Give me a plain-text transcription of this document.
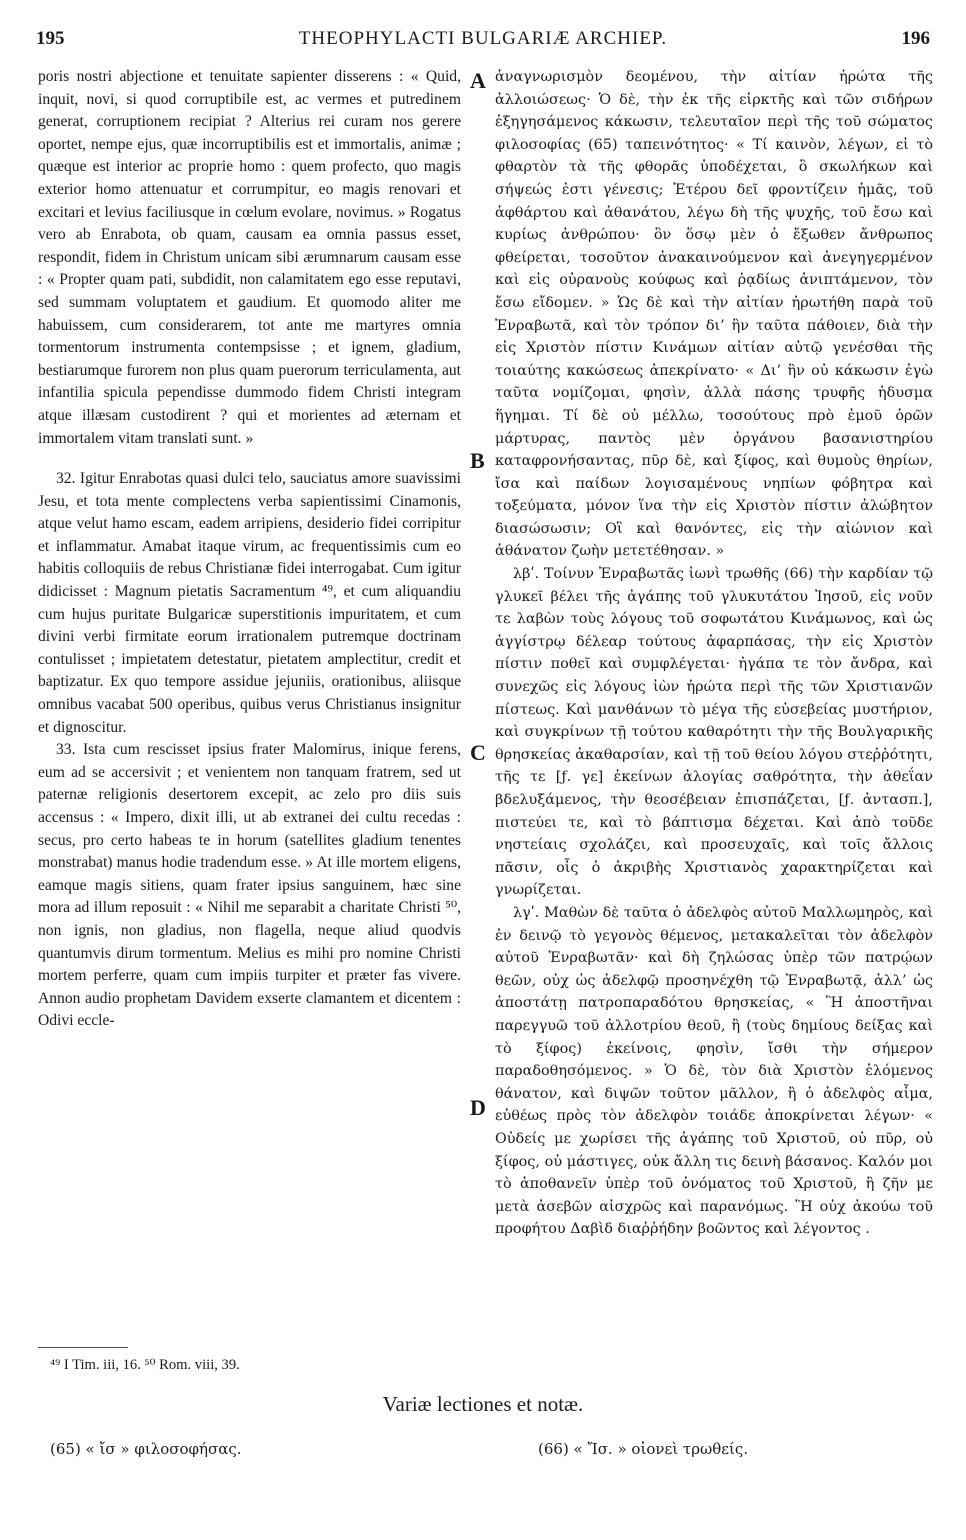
195	THEOPHYLACTI BULGARIÆ ARCHIEP.	196

poris nostri abjectione et tenuitate sapienter disserens : « Quid, inquit, novi, si quod corruptibile est, ac vermes et putredinem generat, corruptionem recipiat ? Alterius rei curam nos gerere oportet, nempe ejus, quæ incorruptibilis est et immortalis, animæ ; quæque est interior ac proprie homo : quem profecto, quo magis exterior homo attenuatur et corrumpitur, eo magis renovari et excitari et levius faciliusque in cœlum evolare, novimus. » Rogatus vero ab Enrabota, ob quam, causam ea omnia passus esset, respondit, fidem in Christum unicam sibi ærumnarum causam esse : « Propter quam pati, subdidit, non calamitatem ego esse reputavi, sed summam voluptatem et gaudium. Et quomodo aliter me habuissem, cum considerarem, tot ante me martyres omnia tormentorum instrumenta contempsisse ; et ignem, gladium, bestiarumque furorem non plus quam puerorum terriculamenta, aut infantilia spicula pependisse dummodo fidem Christi integram atque illæsam custodirent ? qui et morientes ad æternam et immortalem vitam translati sunt. »

32. Igitur Enrabotas quasi dulci telo, sauciatus amore suavissimi Jesu, et tota mente complectens verba sapientissimi Cinamonis, atque velut hamo escam, eadem arripiens, desiderio fidei corripitur et inflammatur. Amabat itaque virum, ac frequentissimis cum eo habitis colloquiis de rebus Christianæ fidei interrogabat. Cum igitur didicisset : Magnum pietatis Sacramentum ⁴⁹, et cum aliquandiu cum hujus puritate Bulgaricæ superstitionis impuritatem, et cum divini verbi firmitate eorum irrationalem putremque doctrinam contulisset ; impietatem detestatur, pietatem amplectitur, credit et baptizatur. Ex quo tempore assidue jejuniis, orationibus, aliisque omnibus vacabat 500 operibus, quibus verus Christianus insignitur et dignoscitur.

33. Ista cum rescisset ipsius frater Malomirus, inique ferens, eum ad se accersivit ; et venientem non tanquam fratrem, sed ut paternæ religionis desertorem excepit, ac zelo pro diis suis accensus : « Impero, dixit illi, ut ab extranei dei cultu recedas : secus, pro certo habeas te in horum (satellites gladium tenentes monstrabat) manus hodie tradendum esse. » At ille mortem eligens, eamque magis sitiens, quam frater ipsius sanguinem, hæc sine mora ad illum reposuit : « Nihil me separabit a charitate Christi ⁵⁰, non ignis, non gladius, non flagella, neque aliud quodvis quantumvis dirum tormentum. Melius es mihi pro nomine Christi mortem perferre, quam cum impiis turpiter et præter fas vivere. Annon audio prophetam Davidem exserte clamantem et dicentem : Odivi eccle-

A
B
C
D

ἀναγνωρισμὸν δεομένου, τὴν αἰτίαν ἠρώτα τῆς ἀλλοιώσεως· Ὁ δὲ, τὴν ἐκ τῆς εἱρκτῆς καὶ τῶν σιδήρων ἐξηγησάμενος κάκωσιν, τελευταῖον περὶ τῆς τοῦ σώματος φιλοσοφίας (65) ταπεινότητος· « Τί καινὸν, λέγων, εἰ τὸ φθαρτὸν τὰ τῆς φθορᾶς ὑποδέχεται, ὃ σκωλήκων καὶ σήψεώς ἐστι γένεσις; Ἑτέρου δεῖ φροντίζειν ἡμᾶς, τοῦ ἀφθάρτου καὶ ἀθανάτου, λέγω δὴ τῆς ψυχῆς, τοῦ ἔσω καὶ κυρίως ἀνθρώπου· ὃν ὅσῳ μὲν ὁ ἔξωθεν ἄνθρωπος φθείρεται, τοσοῦτον ἀνακαινούμενον καὶ ἀνεγηγερμένον καὶ εἰς οὐρανοὺς κούφως καὶ ῥᾳδίως ἀνιπτάμενον, τὸν ἔσω εἴδομεν. » Ὡς δὲ καὶ τὴν αἰτίαν ἠρωτήθη παρὰ τοῦ Ἐνραβωτᾶ, καὶ τὸν τρόπον δι’ ἣν ταῦτα πάθοιεν, διὰ τὴν εἰς Χριστὸν πίστιν Κινάμων αἰτίαν αὐτῷ γενέσθαι τῆς τοιαύτης κακώσεως ἀπεκρίνατο· « Δι’ ἣν οὐ κάκωσιν ἐγὼ ταῦτα νομίζομαι, φησὶν, ἀλλὰ πάσης τρυφῆς ἡδυσμα ἥγημαι. Τί δὲ οὐ μέλλω, τοσούτους πρὸ ἐμοῦ ὁρῶν μάρτυρας, παντὸς μὲν ὀργάνου βασανιστηρίου καταφρονήσαντας, πῦρ δὲ, καὶ ξίφος, καὶ θυμοὺς θηρίων, ἴσα καὶ παίδων λογισαμένους νηπίων φόβητρα καὶ τοξεύματα, μόνον ἵνα τὴν εἰς Χριστὸν πίστιν ἀλώβητον διασώσωσιν; Οἳ καὶ θανόντες, εἰς τὴν αἰώνιον καὶ ἀθάνατον ζωὴν μετετέθησαν. »

λβʹ. Τοίνυν Ἐνραβωτᾶς ἰωνὶ τρωθῆς (66) τὴν καρδίαν τῷ γλυκεῖ βέλει τῆς ἀγάπης τοῦ γλυκυτάτου Ἰησοῦ, εἰς νοῦν τε λαβὼν τοὺς λόγους τοῦ σοφωτάτου Κινάμωνος, καὶ ὡς ἀγγίστρῳ δέλεαρ τούτους ἁφαρπάσας, τὴν εἰς Χριστὸν πίστιν ποθεῖ καὶ συμφλέγεται· ἠγάπα τε τὸν ἄνδρα, καὶ συνεχῶς εἰς λόγους ἰὼν ἠρώτα περὶ τῆς τῶν Χριστιανῶν πίστεως. Καὶ μανθάνων τὸ μέγα τῆς εὐσεβείας μυστήριον, καὶ συγκρίνων τῇ τούτου καθαρότητι τὴν τῆς Βουλγαρικῆς θρησκείας ἀκαθαρσίαν, καὶ τῇ τοῦ θείου λόγου στεῤῥότητι, τῆς τε [ƒ. γε] ἐκείνων ἀλογίας σαθρότητα, τὴν ἀθεΐαν βδελυξάμενος, τὴν θεοσέβειαν ἐπισπάζεται, [ƒ. ἀντασπ.], πιστεύει τε, καὶ τὸ βάπτισμα δέχεται. Καὶ ἀπὸ τοῦδε νηστείαις σχολάζει, καὶ προσευχαῖς, καὶ τοῖς ἄλλοις πᾶσιν, οἷς ὁ ἀκριβὴς Χριστιανὸς χαρακτηρίζεται καὶ γνωρίζεται.

λγʹ. Μαθὼν δὲ ταῦτα ὁ ἀδελφὸς αὐτοῦ Μαλλωμηρὸς, καὶ ἐν δεινῷ τὸ γεγονὸς θέμενος, μετακαλεῖται τὸν ἀδελφὸν αὐτοῦ Ἐνραβωτᾶν· καὶ δὴ ζηλώσας ὑπὲρ τῶν πατρῴων θεῶν, οὐχ ὡς ἀδελφῷ προσηνέχθη τῷ Ἐνραβωτᾷ, ἀλλ’ ὡς ἀποστάτῃ πατροπαραδότου θρησκείας, « Ἢ ἀποστῆναι παρεγγυῶ τοῦ ἀλλοτρίου θεοῦ, ἢ (τοὺς δημίους δείξας καὶ τὸ ξίφος) ἐκείνοις, φησὶν, ἴσθι τὴν σήμερον παραδοθησόμενος. » Ὁ δὲ, τὸν διὰ Χριστὸν ἑλόμενος θάνατον, καὶ διψῶν τοῦτον μᾶλλον, ἢ ὁ ἀδελφὸς αἷμα, εὐθέως πρὸς τὸν ἀδελφὸν τοιάδε ἀποκρίνεται λέγων· « Οὐδείς με χωρίσει τῆς ἀγάπης τοῦ Χριστοῦ, οὐ πῦρ, οὐ ξίφος, οὐ μάστιγες, οὐκ ἄλλη τις δεινὴ βάσανος. Καλόν μοι τὸ ἀποθανεῖν ὑπὲρ τοῦ ὀνόματος τοῦ Χριστοῦ, ἢ ζῆν με μετὰ ἀσεβῶν αἰσχρῶς καὶ παρανόμως. Ἢ οὐχ ἀκούω τοῦ προφήτου Δαβὶδ διαῤῥήδην βοῶντος καὶ λέγοντος .

⁴⁹ I Tim. iii, 16. ⁵⁰ Rom. viii, 39.
Variæ lectiones et notæ.
(65) « ἴσ » φιλοσοφήσας.	(66) « Ἴσ. » οἱονεὶ τρωθείς.
